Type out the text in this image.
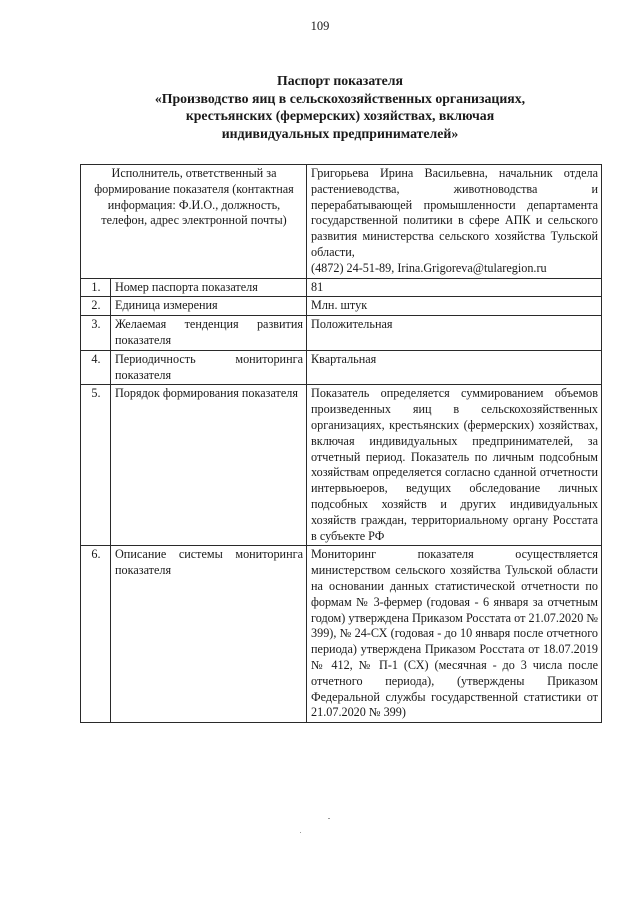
109
Паспорт показателя
«Производство яиц в сельскохозяйственных организациях,
крестьянских (фермерских) хозяйствах, включая
индивидуальных предпринимателей»
Исполнитель, ответственный за формирование показателя (контактная информация: Ф.И.О., должность, телефон, адрес электронной почты)		Григорьева Ирина Васильевна, начальник отдела растениеводства, животноводства и перерабатывающей промышленности департамента государственной политики в сфере АПК и сельского развития министерства сельского хозяйства Тульской области,
(4872) 24-51-89, Irina.Grigoreva@tularegion.ru
1.	Номер паспорта показателя	81
2.	Единица измерения	Млн. штук
3.	Желаемая тенденция развития показателя	Положительная
4.	Периодичность мониторинга показателя	Квартальная
5.	Порядок формирования показателя	Показатель определяется суммированием объемов произведенных яиц в сельскохозяйственных организациях, крестьянских (фермерских) хозяйствах, включая индивидуальных предпринимателей, за отчетный период. Показатель по личным подсобным хозяйствам определяется согласно сданной отчетности интервьюеров, ведущих обследование личных подсобных хозяйств и других индивидуальных хозяйств граждан, территориальному органу Росстата в субъекте РФ
6.	Описание системы мониторинга показателя	Мониторинг показателя осуществляется министерством сельского хозяйства Тульской области на основании данных статистической отчетности по формам № 3-фермер (годовая - 6 января за отчетным годом) утверждена Приказом Росстата от 21.07.2020 № 399), № 24-СХ (годовая - до 10 января после отчетного периода) утверждена Приказом Росстата от 18.07.2019 № 412, № П-1 (СХ) (месячная - до 3 числа после отчетного периода), (утверждены Приказом Федеральной службы государственной статистики от 21.07.2020 № 399)
